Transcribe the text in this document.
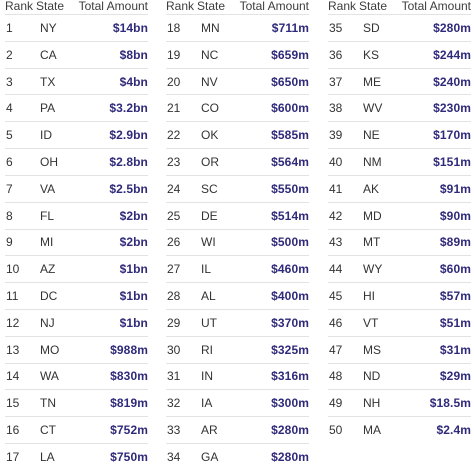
Rank	State	Total Amount
1	NY	$14bn
2	CA	$8bn
3	TX	$4bn
4	PA	$3.2bn
5	ID	$2.9bn
6	OH	$2.8bn
7	VA	$2.5bn
8	FL	$2bn
9	MI	$2bn
10	AZ	$1bn
11	DC	$1bn
12	NJ	$1bn
13	MO	$988m
14	WA	$830m
15	TN	$819m
16	CT	$752m
17	LA	$750m
Rank	State	Total Amount
18	MN	$711m
19	NC	$659m
20	NV	$650m
21	CO	$600m
22	OK	$585m
23	OR	$564m
24	SC	$550m
25	DE	$514m
26	WI	$500m
27	IL	$460m
28	AL	$400m
29	UT	$370m
30	RI	$325m
31	IN	$316m
32	IA	$300m
33	AR	$280m
34	GA	$280m
Rank	State	Total Amount
35	SD	$280m
36	KS	$244m
37	ME	$240m
38	WV	$230m
39	NE	$170m
40	NM	$151m
41	AK	$91m
42	MD	$90m
43	MT	$89m
44	WY	$60m
45	HI	$57m
46	VT	$51m
47	MS	$31m
48	ND	$29m
49	NH	$18.5m
50	MA	$2.4m
